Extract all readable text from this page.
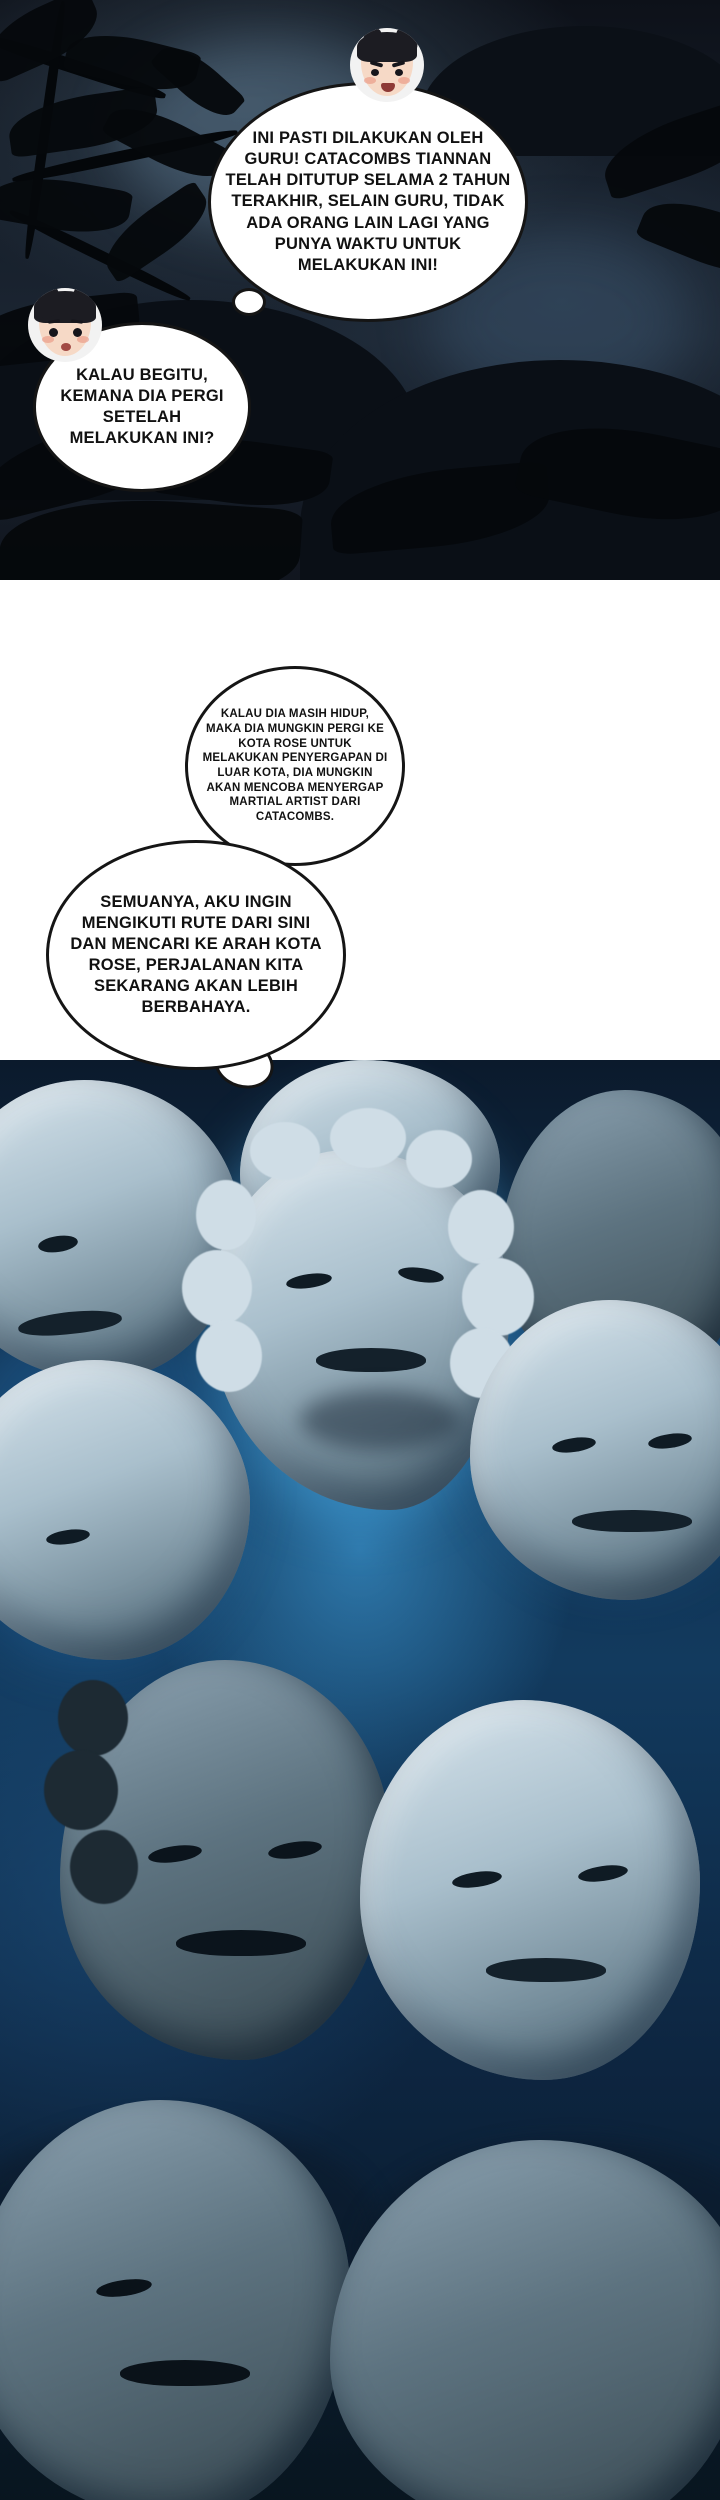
INI PASTI DILAKUKAN OLEH GURU! CATACOMBS TIANNAN TELAH DITUTUP SELAMA 2 TAHUN TERAKHIR, SELAIN GURU, TIDAK ADA ORANG LAIN LAGI YANG PUNYA WAKTU UNTUK MELAKUKAN INI!
KALAU BEGITU, KEMANA DIA PERGI SETELAH MELAKUKAN INI?
KALAU DIA MASIH HIDUP, MAKA DIA MUNGKIN PERGI KE KOTA ROSE UNTUK MELAKUKAN PENYERGAPAN DI LUAR KOTA, DIA MUNGKIN AKAN MENCOBA MENYERGAP MARTIAL ARTIST DARI CATACOMBS.
SEMUANYA, AKU INGIN MENGIKUTI RUTE DARI SINI DAN MENCARI KE ARAH KOTA ROSE, PERJALANAN KITA SEKARANG AKAN LEBIH BERBAHAYA.
